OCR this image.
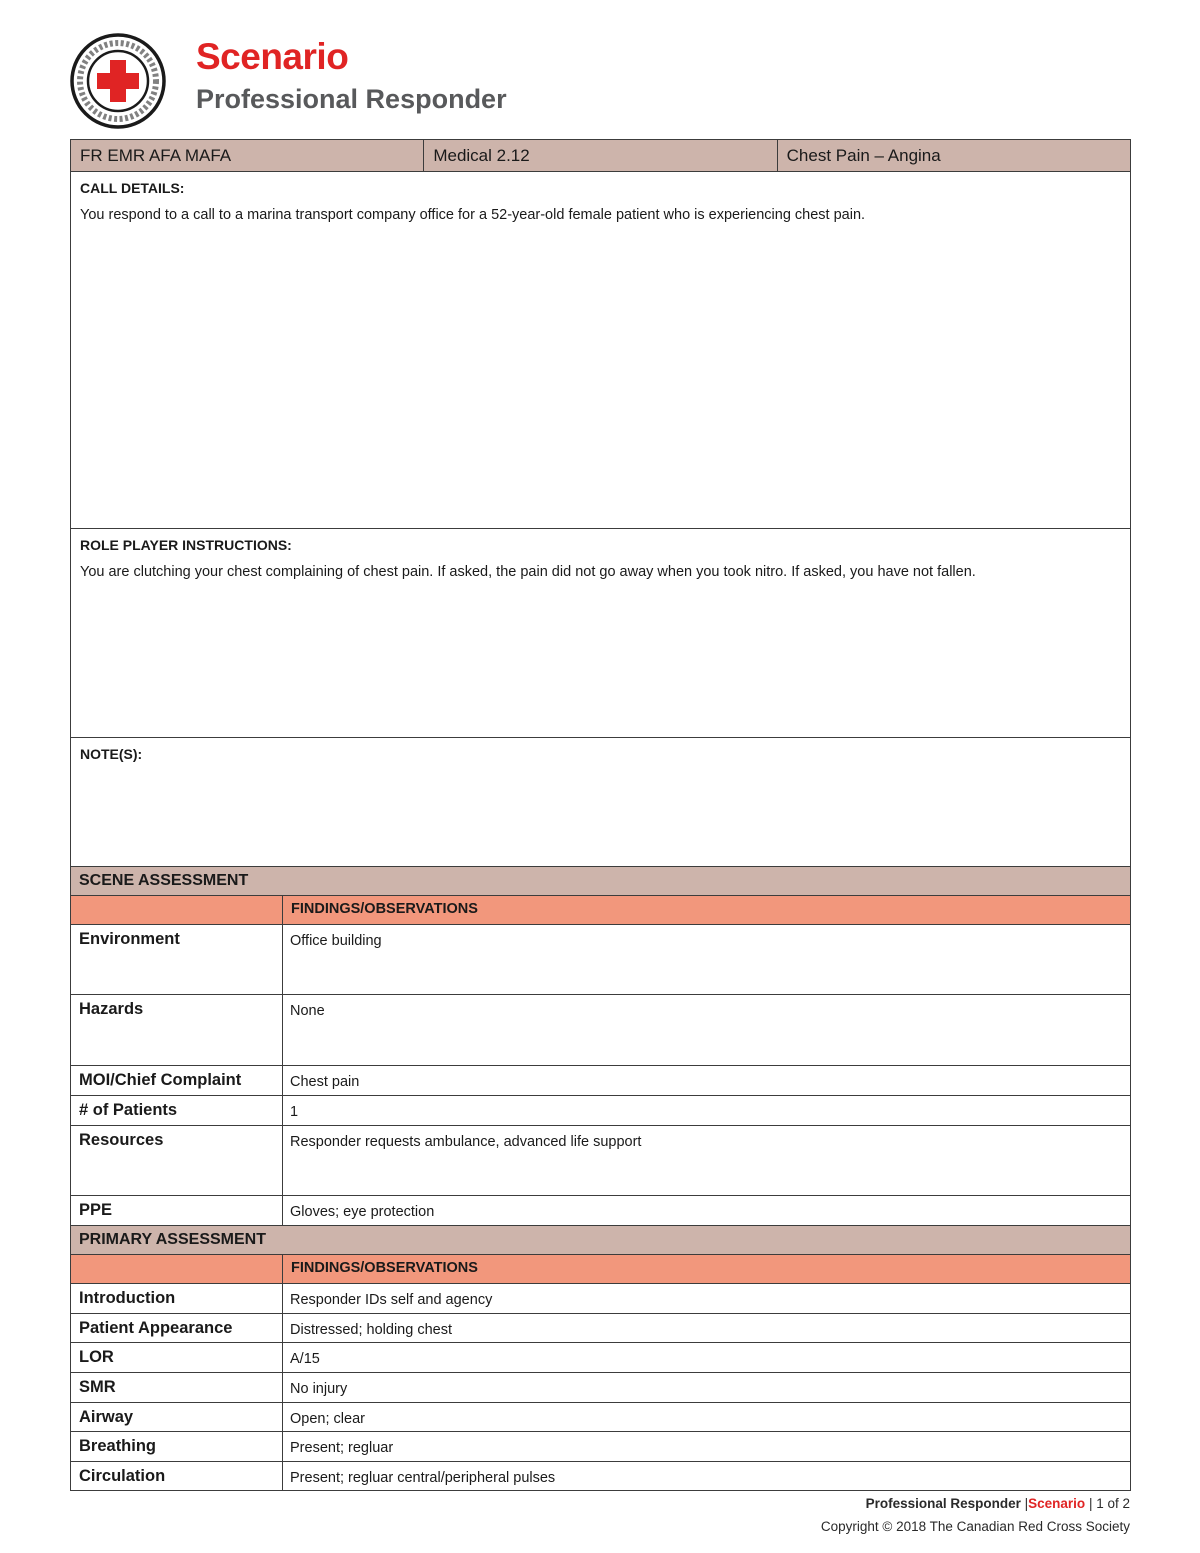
Scenario
Professional Responder
FR EMR AFA MAFA	Medical 2.12	Chest Pain – Angina
CALL DETAILS:
You respond to a call to a marina transport company office for a 52-year-old female patient who is experiencing chest pain.
ROLE PLAYER INSTRUCTIONS:
You are clutching your chest complaining of chest pain. If asked, the pain did not go away when you took nitro. If asked, you have not fallen.
NOTE(S):
SCENE ASSESSMENT	
	FINDINGS/OBSERVATIONS
Environment	Office building
Hazards	None
MOI/Chief Complaint	Chest pain
# of Patients	1
Resources	Responder requests ambulance, advanced life support
PPE	Gloves; eye protection
PRIMARY ASSESSMENT	
	FINDINGS/OBSERVATIONS
Introduction	Responder IDs self and agency
Patient Appearance	Distressed; holding chest
LOR	A/15
SMR	No injury
Airway	Open; clear
Breathing	Present; regluar
Circulation	Present; regluar central/peripheral pulses
Professional Responder |Scenario | 1 of 2
Copyright © 2018 The Canadian Red Cross Society
